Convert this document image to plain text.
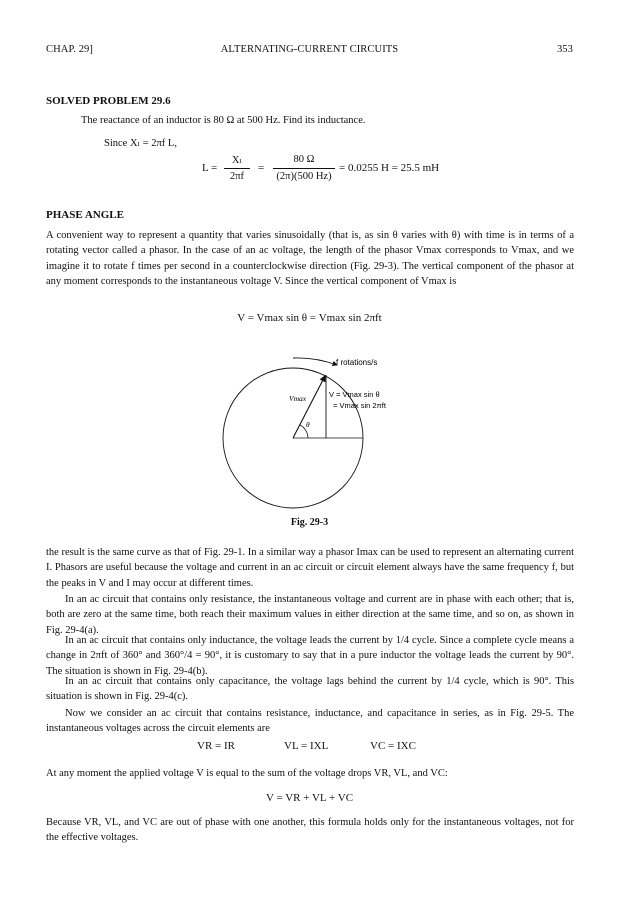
CHAP. 29]	ALTERNATING-CURRENT CIRCUITS	353
SOLVED PROBLEM 29.6
The reactance of an inductor is 80 Ω at 500 Hz. Find its inductance.
Since Xₗ = 2πf L,
L =
Xₗ
2πf
=
80 Ω
(2π)(500 Hz)
= 0.0255 H = 25.5 mH
PHASE ANGLE

A convenient way to represent a quantity that varies sinusoidally (that is, as sin θ varies with θ) with time is in terms of a rotating vector called a phasor. In the case of an ac voltage, the length of the phasor Vmax corresponds to Vmax, and we imagine it to rotate f times per second in a counterclockwise direction (Fig. 29-3). The vertical component of the phasor at any moment corresponds to the instantaneous voltage V. Since the vertical component of Vmax is

V = Vmax sin θ = Vmax sin 2πft
f rotations/s
Vmax
θ
V = Vmax sin θ
= Vmax sin 2πft
Fig. 29-3

the result is the same curve as that of Fig. 29-1. In a similar way a phasor Imax can be used to represent an alternating current I. Phasors are useful because the voltage and current in an ac circuit or circuit element always have the same frequency f, but the peaks in V and I may occur at different times.

In an ac circuit that contains only resistance, the instantaneous voltage and current are in phase with each other; that is, both are zero at the same time, both reach their maximum values in either direction at the same time, and so on, as shown in Fig. 29-4(a).

In an ac circuit that contains only inductance, the voltage leads the current by 1/4 cycle. Since a complete cycle means a change in 2πft of 360° and 360°/4 = 90°, it is customary to say that in a pure inductor the voltage leads the current by 90°. The situation is shown in Fig. 29-4(b).

In an ac circuit that contains only capacitance, the voltage lags behind the current by 1/4 cycle, which is 90°. This situation is shown in Fig. 29-4(c).

Now we consider an ac circuit that contains resistance, inductance, and capacitance in series, as in Fig. 29-5. The instantaneous voltages across the circuit elements are

VR = IR	VL = IXL	VC = IXC

At any moment the applied voltage V is equal to the sum of the voltage drops VR, VL, and VC:

V = VR + VL + VC

Because VR, VL, and VC are out of phase with one another, this formula holds only for the instantaneous voltages, not for the effective voltages.
